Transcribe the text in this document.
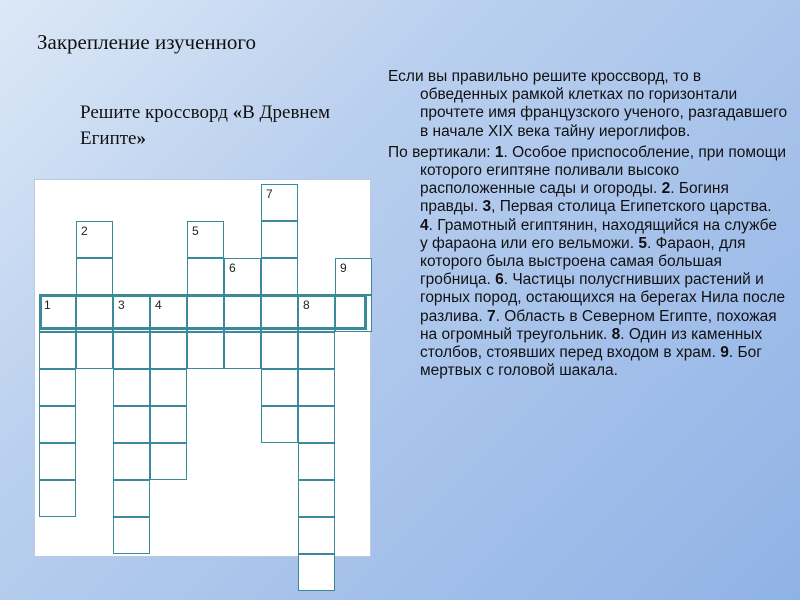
Закрепление изученного
Решите кроссворд «В Древнем Египте»
1
2
3	4
5
6
7
8
9

Если вы правильно решите кроссворд, то в обведенных рамкой клетках по горизонтали прочтете имя французского ученого, разгадавшего в начале XIX века тайну иероглифов.

По вертикали: 1. Особое приспособление, при помощи которого египтяне поливали высоко расположенные сады и огороды. 2. Богиня правды. 3, Первая столица Египетского царства. 4. Грамотный египтянин, находящийся на службе у фараона или его вельможи. 5. Фараон, для которого была выстроена самая большая гробница. 6. Частицы полусгнивших растений и горных пород, остающихся на берегах Нила после разлива. 7. Область в Северном Египте, похожая на огромный треугольник. 8. Один из каменных столбов, стоявших перед входом в храм. 9. Бог мертвых с головой шакала.
